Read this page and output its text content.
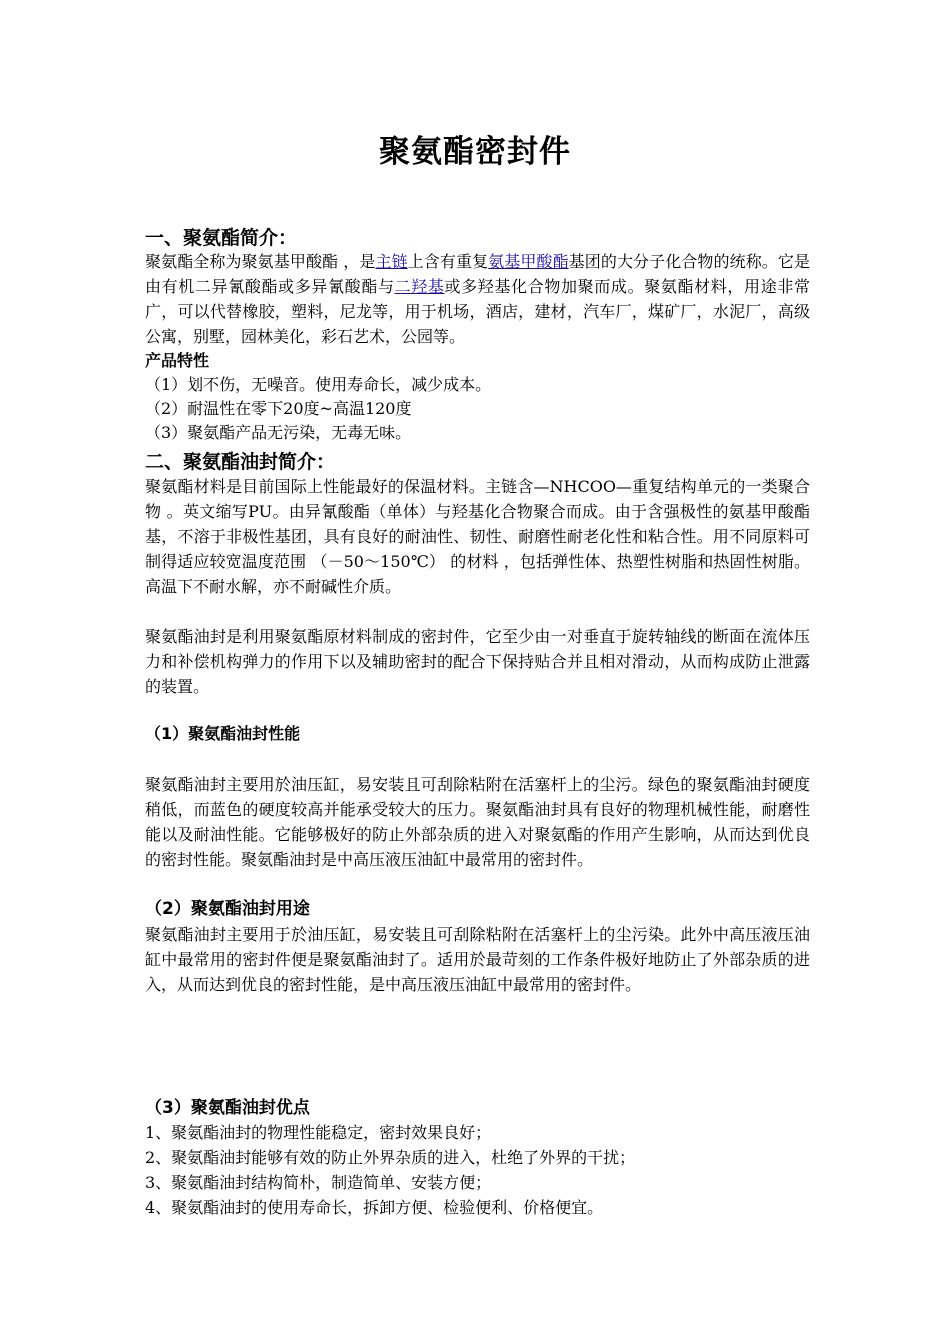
聚氨酯密封件
一、聚氨酯简介：
聚氨酯全称为聚氨基甲酸酯 ，是主链上含有重复氨基甲酸酯基团的大分子化合物的统称。它是由有机二异氰酸酯或多异氰酸酯与二羟基或多羟基化合物加聚而成。聚氨酯材料，用途非常广，可以代替橡胶，塑料，尼龙等，用于机场，酒店，建材，汽车厂，煤矿厂，水泥厂，高级公寓，别墅，园林美化，彩石艺术，公园等。
产品特性
（1）划不伤，无噪音。使用寿命长，减少成本。
（2）耐温性在零下20度~高温120度
（3）聚氨酯产品无污染，无毒无味。
二、聚氨酯油封简介：
聚氨酯材料是目前国际上性能最好的保温材料。主链含—NHCOO—重复结构单元的一类聚合物 。英文缩写PU。由异氰酸酯（单体）与羟基化合物聚合而成。由于含强极性的氨基甲酸酯基，不溶于非极性基团，具有良好的耐油性、韧性、耐磨性耐老化性和粘合性。用不同原料可制得适应较宽温度范围 （－50～150℃） 的材料 ，包括弹性体、热塑性树脂和热固性树脂。高温下不耐水解，亦不耐碱性介质。
聚氨酯油封是利用聚氨酯原材料制成的密封件，它至少由一对垂直于旋转轴线的断面在流体压力和补偿机构弹力的作用下以及辅助密封的配合下保持贴合并且相对滑动，从而构成防止泄露的装置。
（1）聚氨酯油封性能
聚氨酯油封主要用於油压缸，易安装且可刮除粘附在活塞杆上的尘污。绿色的聚氨酯油封硬度稍低，而蓝色的硬度较高并能承受较大的压力。聚氨酯油封具有良好的物理机械性能，耐磨性能以及耐油性能。它能够极好的防止外部杂质的进入对聚氨酯的作用产生影响，从而达到优良的密封性能。聚氨酯油封是中高压液压油缸中最常用的密封件。
（2）聚氨酯油封用途
聚氨酯油封主要用于於油压缸，易安装且可刮除粘附在活塞杆上的尘污染。此外中高压液压油缸中最常用的密封件便是聚氨酯油封了。适用於最苛刻的工作条件极好地防止了外部杂质的进入，从而达到优良的密封性能，是中高压液压油缸中最常用的密封件。
（3）聚氨酯油封优点
1、聚氨酯油封的物理性能稳定，密封效果良好；
2、聚氨酯油封能够有效的防止外界杂质的进入，杜绝了外界的干扰；
3、聚氨酯油封结构简朴，制造简单、安装方便；
4、聚氨酯油封的使用寿命长，拆卸方便、检验便利、价格便宜。
